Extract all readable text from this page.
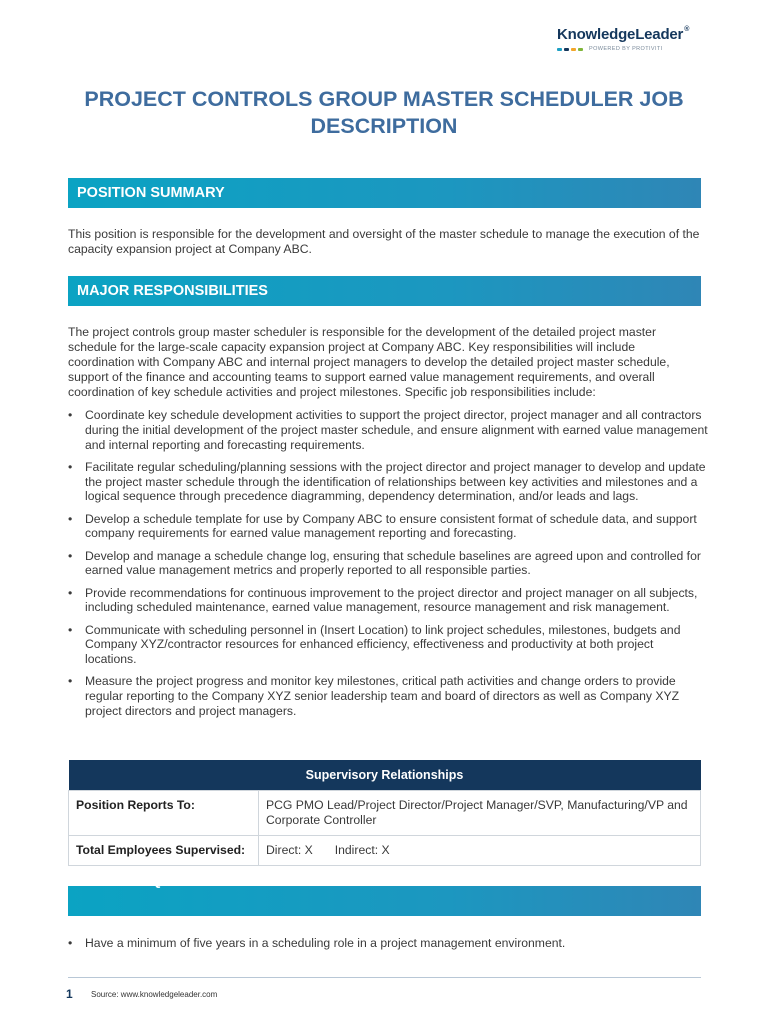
KnowledgeLeader®
POWERED BY PROTIVITI
PROJECT CONTROLS GROUP MASTER SCHEDULER JOB DESCRIPTION
POSITION SUMMARY

This position is responsible for the development and oversight of the master schedule to manage the execution of the capacity expansion project at Company ABC.

MAJOR RESPONSIBILITIES

The project controls group master scheduler is responsible for the development of the detailed project master schedule for the large-scale capacity expansion project at Company ABC. Key responsibilities will include coordination with Company ABC and internal project managers to develop the detailed project master schedule, support of the finance and accounting teams to support earned value management requirements, and overall coordination of key schedule activities and project milestones. Specific job responsibilities include:

• Coordinate key schedule development activities to support the project director, project manager and all contractors during the initial development of the project master schedule, and ensure alignment with earned value management and internal reporting and forecasting requirements.
• Facilitate regular scheduling/planning sessions with the project director and project manager to develop and update the project master schedule through the identification of relationships between key activities and milestones and a logical sequence through precedence diagramming, dependency determination, and/or leads and lags.
• Develop a schedule template for use by Company ABC to ensure consistent format of schedule data, and support company requirements for earned value management reporting and forecasting.
• Develop and manage a schedule change log, ensuring that schedule baselines are agreed upon and controlled for earned value management metrics and properly reported to all responsible parties.
• Provide recommendations for continuous improvement to the project director and project manager on all subjects, including scheduled maintenance, earned value management, resource management and risk management.
• Communicate with scheduling personnel in (Insert Location) to link project schedules, milestones, budgets and Company XYZ/contractor resources for enhanced efficiency, effectiveness and productivity at both project locations.
• Measure the project progress and monitor key milestones, critical path activities and change orders to provide regular reporting to the Company XYZ senior leadership team and board of directors as well as Company XYZ project directors and project managers.
Supervisory Relationships	
Position Reports To:	PCG PMO Lead/Project Director/Project Manager/SVP, Manufacturing/VP and Corporate Controller
Total Employees Supervised:	Direct: X Indirect: X
POSITION QUALIFICATIONS
• Have a minimum of five years in a scheduling role in a project management environment.
1 Source: www.knowledgeleader.com
